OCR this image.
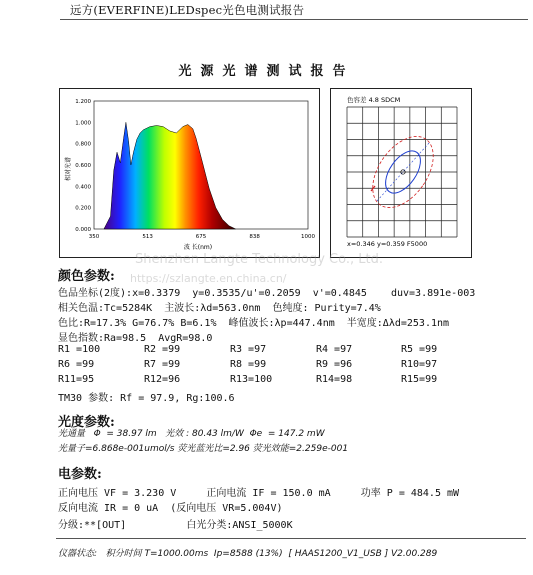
远方(EVERFINE)LEDspec光色电测试报告
光源光谱测试报告
350	513	675	838	1000
1.200
1.000
0.800
0.600
0.400
0.200
0.000
波 长(nm)
相对光谱
色容差 4.8 SDCM
x=0.346 y=0.359 F5000
颜色参数:
色品坐标(2度):x=0.3379  y=0.3535/u'=0.2059  v'=0.4845    duv=3.891e-003
相关色温:Tc=5284K  主波长:λd=563.0nm  色纯度: Purity=7.4%
色比:R=17.3% G=76.7% B=6.1%  峰值波长:λp=447.4nm  半宽度:Δλd=253.1nm
显色指数:Ra=98.5  AvgR=98.0
R1 =100	R2 =99	R3 =97	R4 =97	R5 =99
R6 =99	R7 =99	R8 =99	R9 =96	R10=97
R11=95	R12=96	R13=100	R14=98	R15=99
TM30 参数: Rf = 97.9, Rg:100.6
光度参数:
光通量   Φ  = 38.97 lm   光效 : 80.43 lm/W  Φe  = 147.2 mW
光量子=6.868e-001umol/s 荧光蓝光比=2.96 荧光效能=2.259e-001
电参数:
正向电压 VF = 3.230 V     正向电流 IF = 150.0 mA     功率 P = 484.5 mW
反向电流 IR = 0 uA  (反向电压 VR=5.004V)
分级:**[OUT]          白光分类:ANSI_5000K
仪器状态:   积分时间 T=1000.00ms  Ip=8588 (13%)  [ HAAS1200_V1_USB ] V2.00.289
Shenzhen Langte Technology Co., Ltd.
https://szlangte.en.china.cn/
